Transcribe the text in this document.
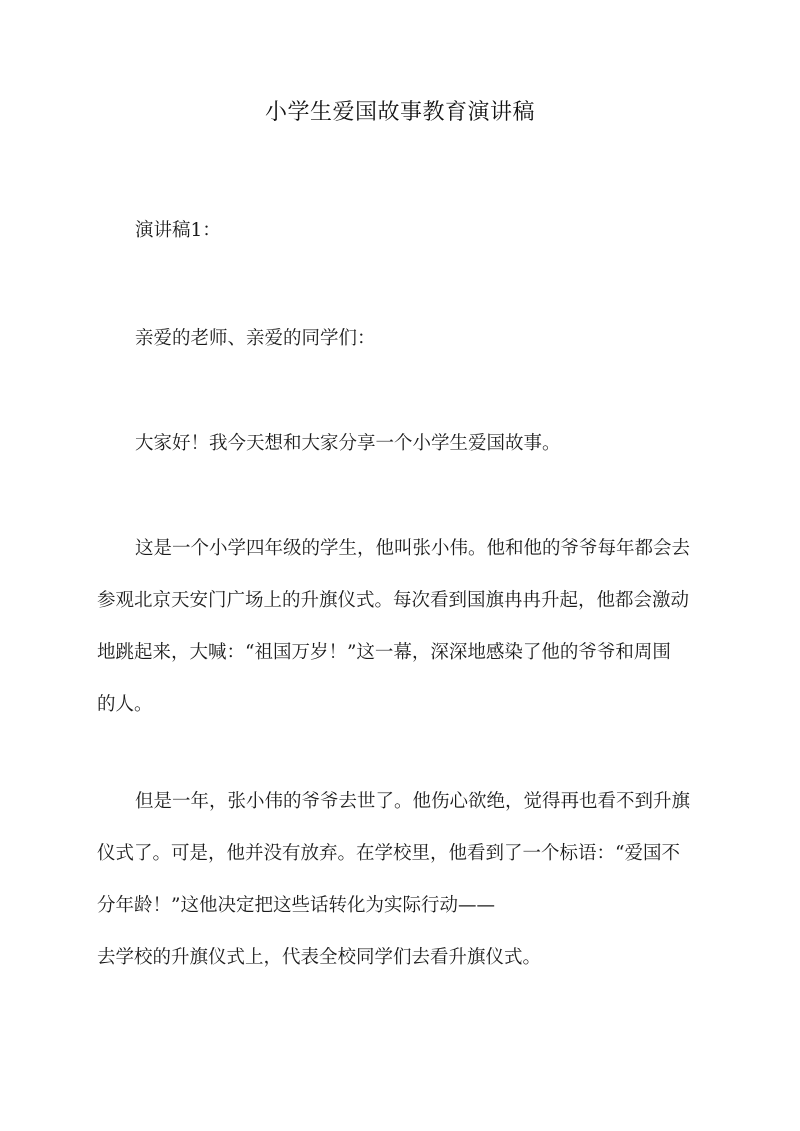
小学生爱国故事教育演讲稿
演讲稿1：
亲爱的老师、亲爱的同学们：
大家好！我今天想和大家分享一个小学生爱国故事。
这是一个小学四年级的学生，他叫张小伟。他和他的爷爷每年都会去
参观北京天安门广场上的升旗仪式。每次看到国旗冉冉升起，他都会激动
地跳起来，大喊：“祖国万岁！”这一幕，深深地感染了他的爷爷和周围
的人。
但是一年，张小伟的爷爷去世了。他伤心欲绝，觉得再也看不到升旗
仪式了。可是，他并没有放弃。在学校里，他看到了一个标语：“爱国不
分年龄！”这他决定把这些话转化为实际行动——
去学校的升旗仪式上，代表全校同学们去看升旗仪式。
